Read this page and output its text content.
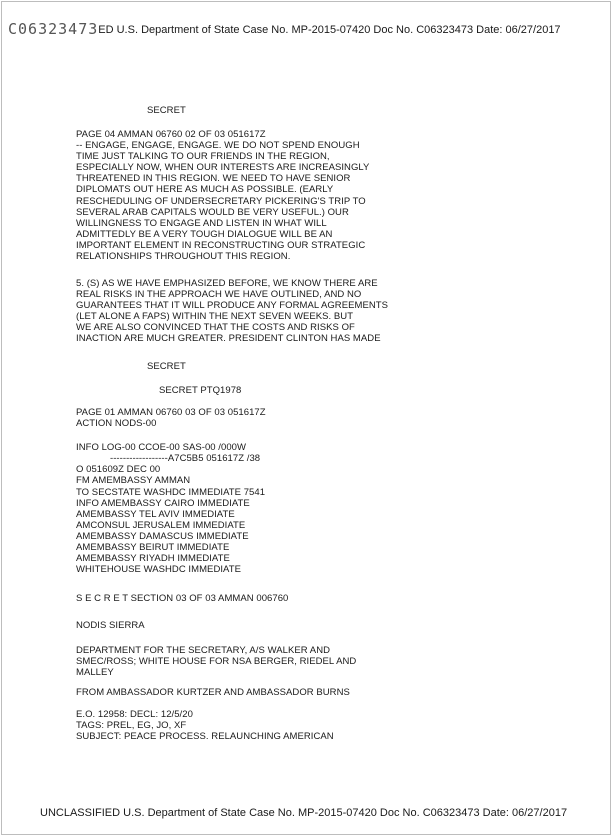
C06323473ED U.S. Department of State Case No. MP-2015-07420 Doc No. C06323473 Date: 06/27/2017
SECRET
PAGE 04 AMMAN 06760 02 OF 03 051617Z
-- ENGAGE, ENGAGE, ENGAGE. WE DO NOT SPEND ENOUGH
TIME JUST TALKING TO OUR FRIENDS IN THE REGION,
ESPECIALLY NOW, WHEN OUR INTERESTS ARE INCREASINGLY
THREATENED IN THIS REGION. WE NEED TO HAVE SENIOR
DIPLOMATS OUT HERE AS MUCH AS POSSIBLE. (EARLY
RESCHEDULING OF UNDERSECRETARY PICKERING'S TRIP TO
SEVERAL ARAB CAPITALS WOULD BE VERY USEFUL.) OUR
WILLINGNESS TO ENGAGE AND LISTEN IN WHAT WILL
ADMITTEDLY BE A VERY TOUGH DIALOGUE WILL BE AN
IMPORTANT ELEMENT IN RECONSTRUCTING OUR STRATEGIC
RELATIONSHIPS THROUGHOUT THIS REGION.
5. (S) AS WE HAVE EMPHASIZED BEFORE, WE KNOW THERE ARE
REAL RISKS IN THE APPROACH WE HAVE OUTLINED, AND NO
GUARANTEES THAT IT WILL PRODUCE ANY FORMAL AGREEMENTS
(LET ALONE A FAPS) WITHIN THE NEXT SEVEN WEEKS. BUT
WE ARE ALSO CONVINCED THAT THE COSTS AND RISKS OF
INACTION ARE MUCH GREATER. PRESIDENT CLINTON HAS MADE
SECRET
SECRET PTQ1978
PAGE 01 AMMAN 06760 03 OF 03 051617Z
ACTION NODS-00
INFO LOG-00 CCOE-00 SAS-00 /000W
------------------A7C5B5 051617Z /38
O 051609Z DEC 00
FM AMEMBASSY AMMAN
TO SECSTATE WASHDC IMMEDIATE 7541
INFO AMEMBASSY CAIRO IMMEDIATE
AMEMBASSY TEL AVIV IMMEDIATE
AMCONSUL JERUSALEM IMMEDIATE
AMEMBASSY DAMASCUS IMMEDIATE
AMEMBASSY BEIRUT IMMEDIATE
AMEMBASSY RIYADH IMMEDIATE
WHITEHOUSE WASHDC IMMEDIATE
S E C R E T SECTION 03 OF 03 AMMAN 006760
NODIS SIERRA
DEPARTMENT FOR THE SECRETARY, A/S WALKER AND
SMEC/ROSS; WHITE HOUSE FOR NSA BERGER, RIEDEL AND
MALLEY
FROM AMBASSADOR KURTZER AND AMBASSADOR BURNS
E.O. 12958: DECL: 12/5/20
TAGS: PREL, EG, JO, XF
SUBJECT: PEACE PROCESS. RELAUNCHING AMERICAN
UNCLASSIFIED U.S. Department of State Case No. MP-2015-07420 Doc No. C06323473 Date: 06/27/2017
